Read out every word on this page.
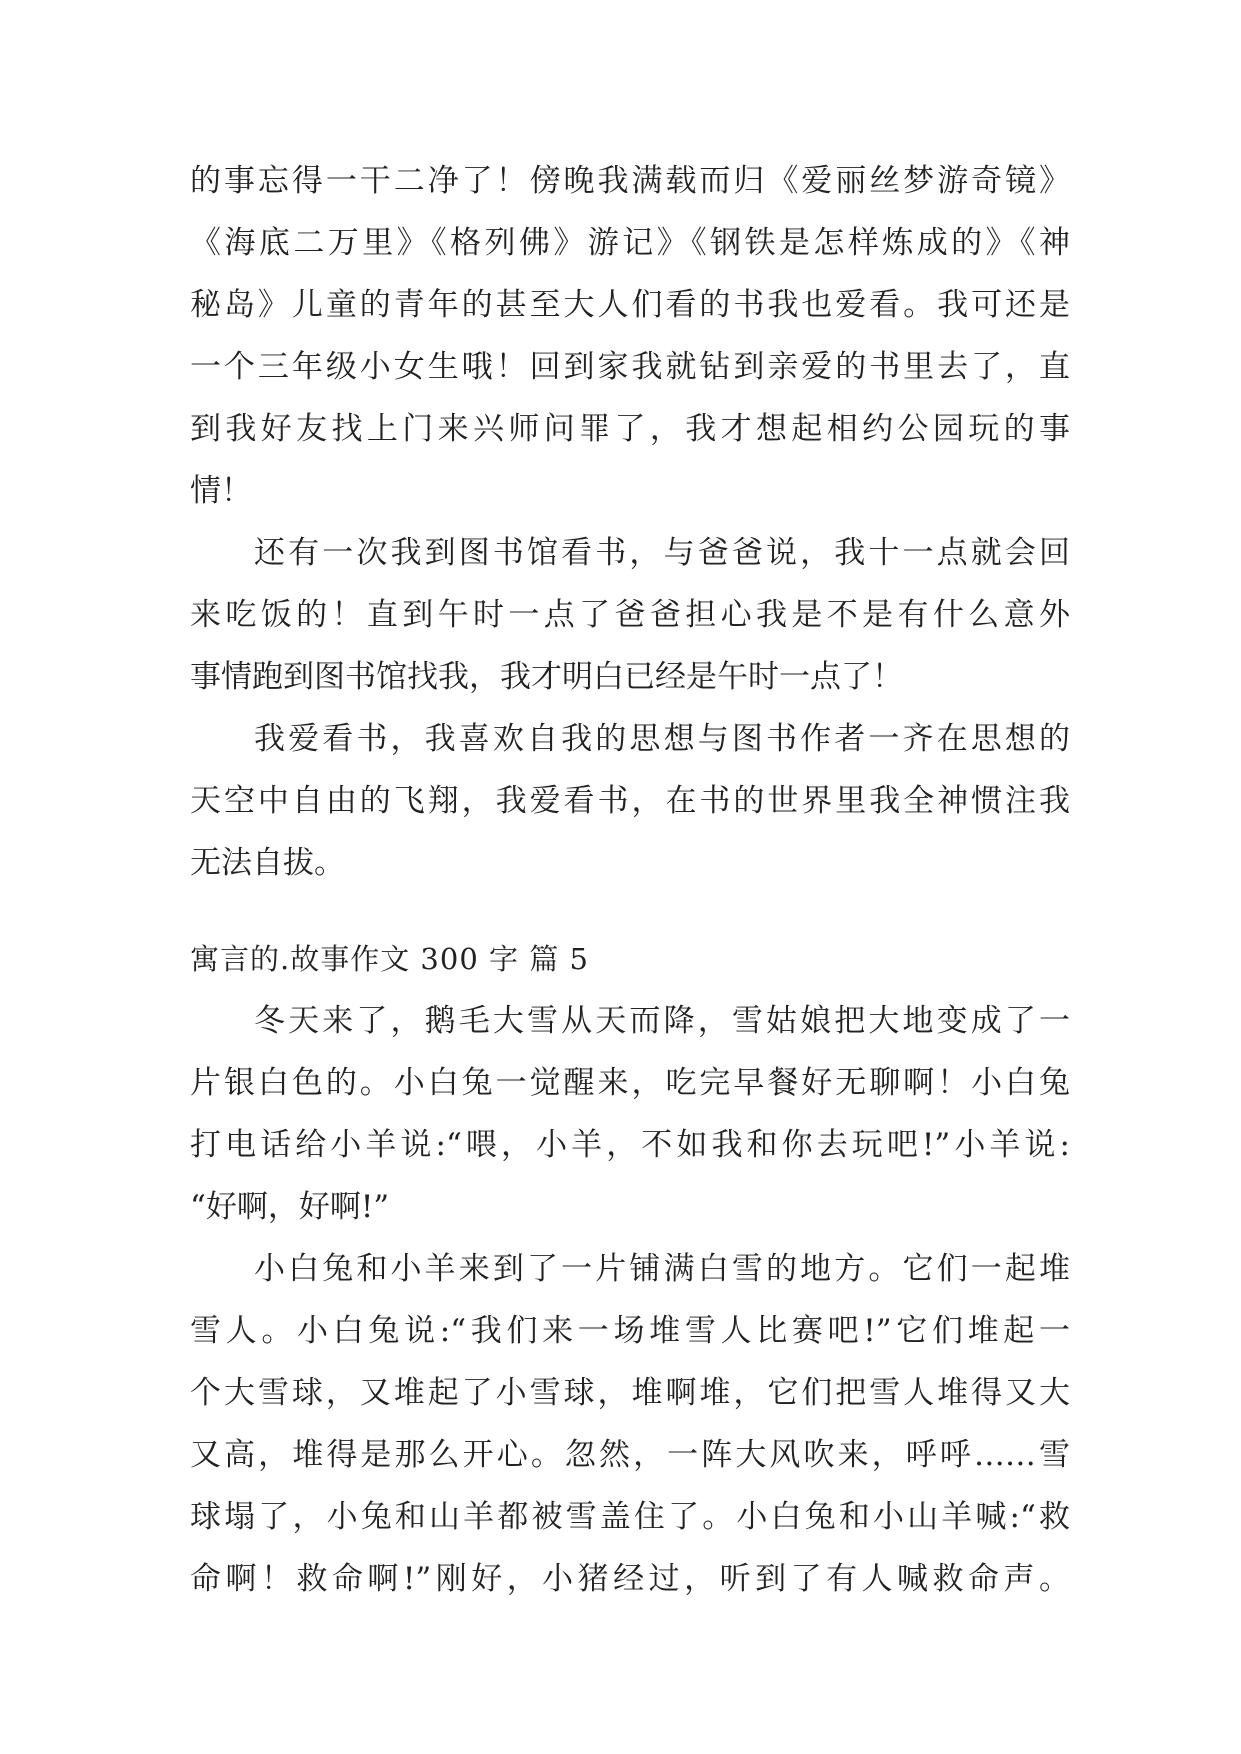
的事忘得一干二净了！傍晚我满载而归《爱丽丝梦游奇镜》
《海底二万里》《格列佛》游记》《钢铁是怎样炼成的》《神
秘岛》儿童的青年的甚至大人们看的书我也爱看。我可还是
一个三年级小女生哦！回到家我就钻到亲爱的书里去了，直
到我好友找上门来兴师问罪了，我才想起相约公园玩的事
情！
还有一次我到图书馆看书，与爸爸说，我十一点就会回
来吃饭的！直到午时一点了爸爸担心我是不是有什么意外
事情跑到图书馆找我，我才明白已经是午时一点了！
我爱看书，我喜欢自我的思想与图书作者一齐在思想的
天空中自由的飞翔，我爱看书，在书的世界里我全神惯注我
无法自拔。
寓言的.故事作文 300 字 篇 5
冬天来了，鹅毛大雪从天而降，雪姑娘把大地变成了一
片银白色的。小白兔一觉醒来，吃完早餐好无聊啊！小白兔
打电话给小羊说:“喂，小羊，不如我和你去玩吧!”小羊说:
“好啊，好啊!”
小白兔和小羊来到了一片铺满白雪的地方。它们一起堆
雪人。小白兔说:“我们来一场堆雪人比赛吧!”它们堆起一
个大雪球，又堆起了小雪球，堆啊堆，它们把雪人堆得又大
又高，堆得是那么开心。忽然，一阵大风吹来，呼呼……雪
球塌了，小兔和山羊都被雪盖住了。小白兔和小山羊喊:“救
命啊！救命啊!”刚好，小猪经过，听到了有人喊救命声。
